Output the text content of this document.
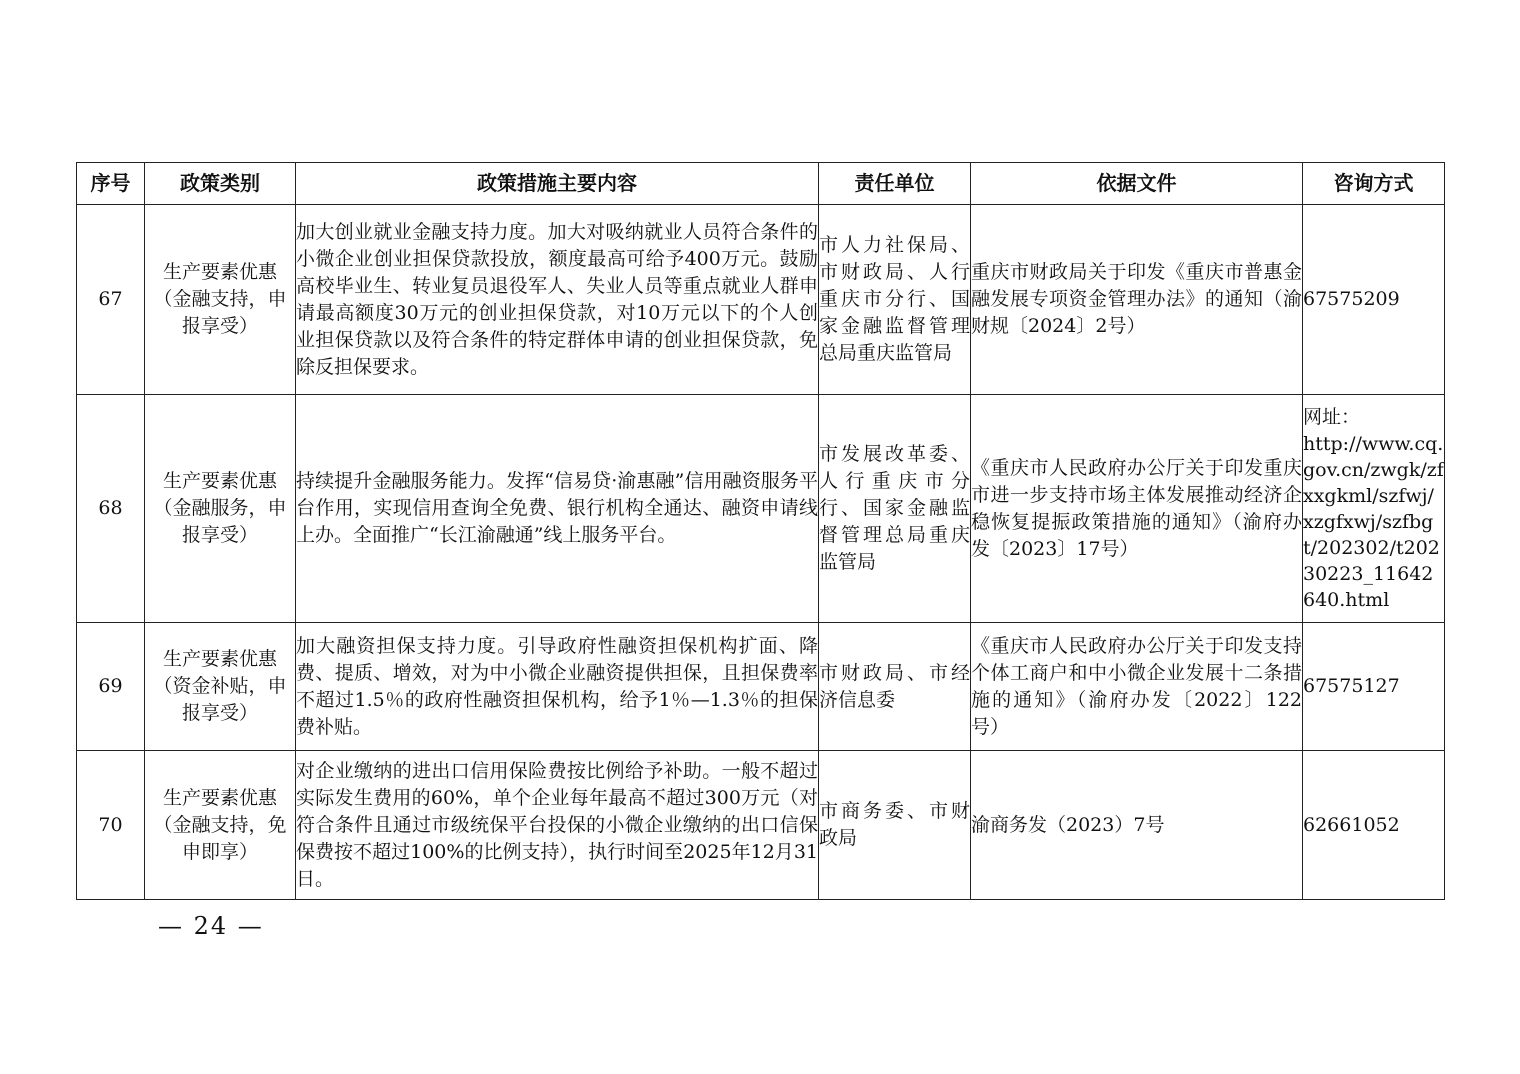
序号	政策类别	政策措施主要内容	责任单位	依据文件	咨询方式
67	生产要素优惠（金融支持，申报享受）	加大创业就业金融支持力度。加大对吸纳就业人员符合条件的小微企业创业担保贷款投放，额度最高可给予400万元。鼓励高校毕业生、转业复员退役军人、失业人员等重点就业人群申请最高额度30万元的创业担保贷款，对10万元以下的个人创业担保贷款以及符合条件的特定群体申请的创业担保贷款，免除反担保要求。	市人力社保局、市财政局、人行重庆市分行、国家金融监督管理总局重庆监管局	重庆市财政局关于印发《重庆市普惠金融发展专项资金管理办法》的通知（渝财规〔2024〕2号）	67575209
68	生产要素优惠（金融服务，申报享受）	持续提升金融服务能力。发挥“信易贷·渝惠融”信用融资服务平台作用，实现信用查询全免费、银行机构全通达、融资申请线上办。全面推广“长江渝融通”线上服务平台。	市发展改革委、人行重庆市分行、国家金融监督管理总局重庆监管局	《重庆市人民政府办公厅关于印发重庆市进一步支持市场主体发展推动经济企稳恢复提振政策措施的通知》（渝府办发〔2023〕17号）	网址：
http://www.cq.gov.cn/zwgk/zfxxgkml/szfwj/xzgfxwj/szfbgt/202302/t20230223_11642640.html

69	生产要素优惠（资金补贴，申报享受）	加大融资担保支持力度。引导政府性融资担保机构扩面、降费、提质、增效，对为中小微企业融资提供担保，且担保费率不超过1.5％的政府性融资担保机构，给予1％—1.3％的担保费补贴。	市财政局、市经济信息委	《重庆市人民政府办公厅关于印发支持个体工商户和中小微企业发展十二条措施的通知》（渝府办发〔2022〕122号）	67575127
70	生产要素优惠（金融支持，免申即享）	对企业缴纳的进出口信用保险费按比例给予补助。一般不超过实际发生费用的60%，单个企业每年最高不超过300万元（对符合条件且通过市级统保平台投保的小微企业缴纳的出口信保保费按不超过100%的比例支持），执行时间至2025年12月31日。	市商务委、市财政局	渝商务发（2023）7号	62661052
— 24 —
